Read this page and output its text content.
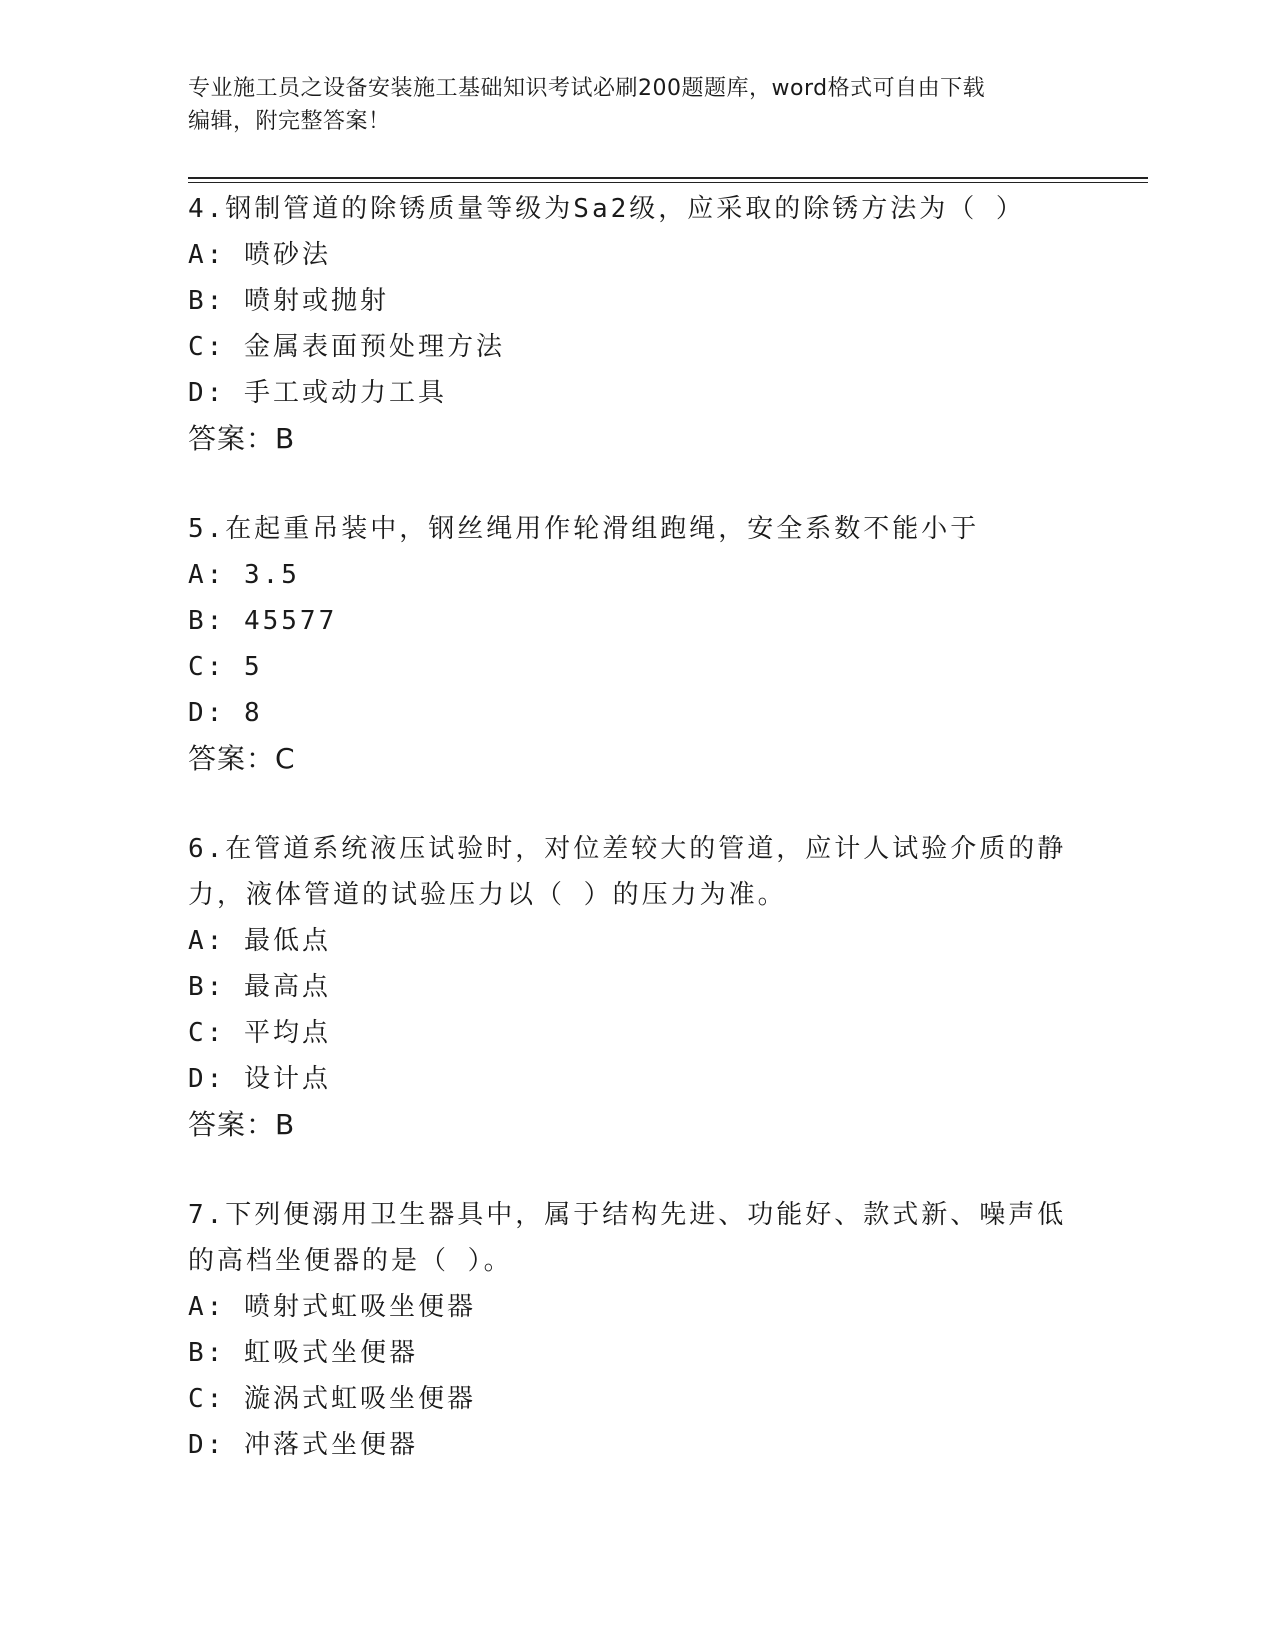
专业施工员之设备安装施工基础知识考试必刷200题题库，word格式可自由下载
编辑，附完整答案！
4.钢制管道的除锈质量等级为Sa2级，应采取的除锈方法为（ ）
A: 喷砂法
B: 喷射或抛射
C: 金属表面预处理方法
D: 手工或动力工具
答案：B
5.在起重吊装中，钢丝绳用作轮滑组跑绳，安全系数不能小于
A: 3.5
B: 45577
C: 5
D: 8
答案：C
6.在管道系统液压试验时，对位差较大的管道，应计人试验介质的静
力，液体管道的试验压力以（ ）的压力为准。
A: 最低点
B: 最高点
C: 平均点
D: 设计点
答案：B
7.下列便溺用卫生器具中，属于结构先进、功能好、款式新、噪声低
的高档坐便器的是（ ）。
A: 喷射式虹吸坐便器
B: 虹吸式坐便器
C: 漩涡式虹吸坐便器
D: 冲落式坐便器
